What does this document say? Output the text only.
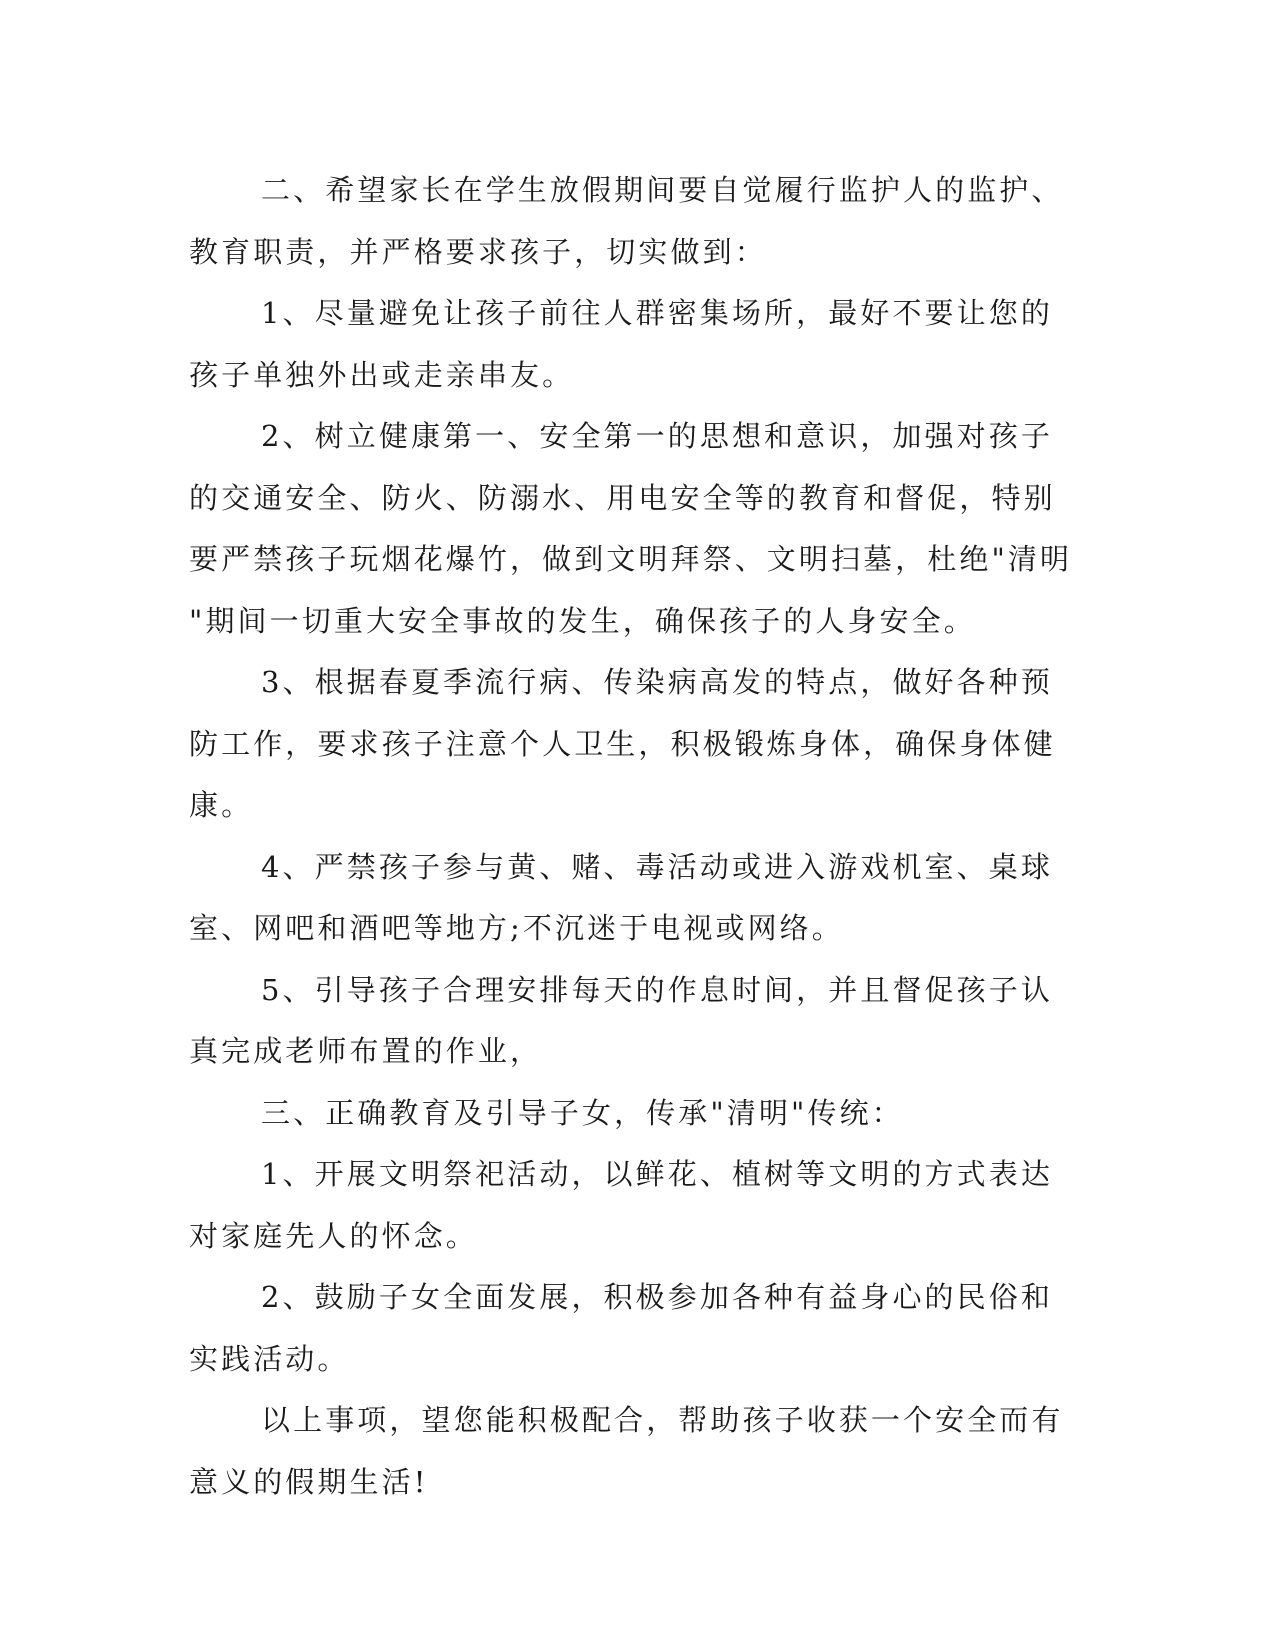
二、希望家长在学生放假期间要自觉履行监护人的监护、教育职责，并严格要求孩子，切实做到：

1、尽量避免让孩子前往人群密集场所，最好不要让您的孩子单独外出或走亲串友。

2、树立健康第一、安全第一的思想和意识，加强对孩子的交通安全、防火、防溺水、用电安全等的教育和督促，特别要严禁孩子玩烟花爆竹，做到文明拜祭、文明扫墓，杜绝"清明"期间一切重大安全事故的发生，确保孩子的人身安全。

3、根据春夏季流行病、传染病高发的特点，做好各种预防工作，要求孩子注意个人卫生，积极锻炼身体，确保身体健康。

4、严禁孩子参与黄、赌、毒活动或进入游戏机室、桌球室、网吧和酒吧等地方;不沉迷于电视或网络。

5、引导孩子合理安排每天的作息时间，并且督促孩子认真完成老师布置的作业，

三、正确教育及引导子女，传承"清明"传统：

1、开展文明祭祀活动，以鲜花、植树等文明的方式表达对家庭先人的怀念。

2、鼓励子女全面发展，积极参加各种有益身心的民俗和实践活动。

以上事项，望您能积极配合，帮助孩子收获一个安全而有意义的假期生活!
